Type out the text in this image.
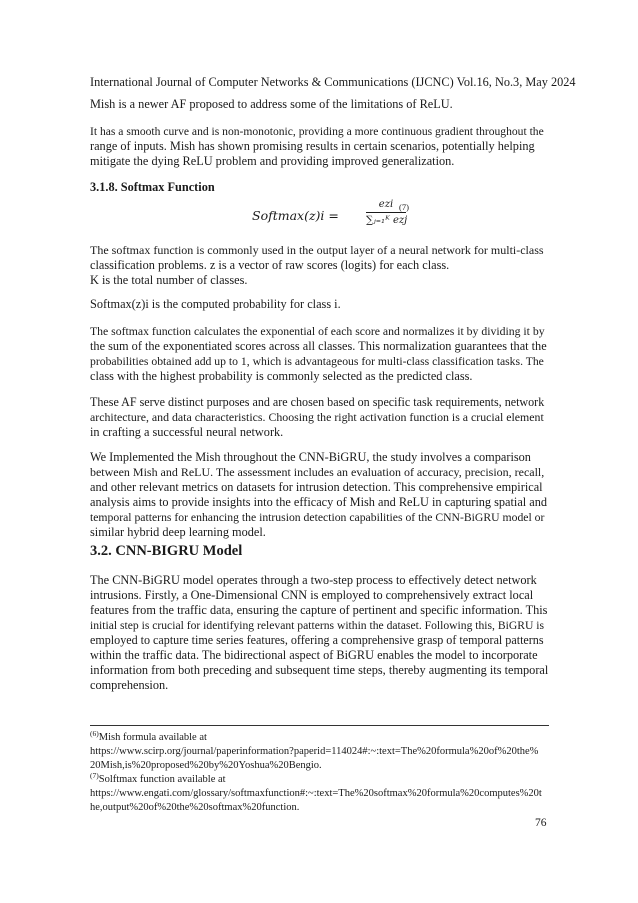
International Journal of Computer Networks & Communications (IJCNC) Vol.16, No.3, May 2024
Mish is a newer AF proposed to address some of the limitations of ReLU.
It has a smooth curve and is non-monotonic, providing a more continuous gradient throughout the
range of inputs. Mish has shown promising results in certain scenarios, potentially helping
mitigate the dying ReLU problem and providing improved generalization.
3.1.8. Softmax Function
𝑆𝑜𝑓𝑡𝑚𝑎𝑥(𝑧)𝑖 =
ezi
∑ⱼ₌₁ᴷ ezj
(7)
The softmax function is commonly used in the output layer of a neural network for multi-class
classification problems. z is a vector of raw scores (logits) for each class.
K is the total number of classes.
Softmax(z)i is the computed probability for class i.
The softmax function calculates the exponential of each score and normalizes it by dividing it by
the sum of the exponentiated scores across all classes. This normalization guarantees that the
probabilities obtained add up to 1, which is advantageous for multi-class classification tasks. The
class with the highest probability is commonly selected as the predicted class.
These AF serve distinct purposes and are chosen based on specific task requirements, network
architecture, and data characteristics. Choosing the right activation function is a crucial element
in crafting a successful neural network.
We Implemented the Mish throughout the CNN-BiGRU, the study involves a comparison
between Mish and ReLU. The assessment includes an evaluation of accuracy, precision, recall,
and other relevant metrics on datasets for intrusion detection. This comprehensive empirical
analysis aims to provide insights into the efficacy of Mish and ReLU in capturing spatial and
temporal patterns for enhancing the intrusion detection capabilities of the CNN-BiGRU model or
similar hybrid deep learning model.
3.2. CNN-BIGRU Model
The CNN-BiGRU model operates through a two-step process to effectively detect network
intrusions. Firstly, a One-Dimensional CNN is employed to comprehensively extract local
features from the traffic data, ensuring the capture of pertinent and specific information. This
initial step is crucial for identifying relevant patterns within the dataset. Following this, BiGRU is
employed to capture time series features, offering a comprehensive grasp of temporal patterns
within the traffic data. The bidirectional aspect of BiGRU enables the model to incorporate
information from both preceding and subsequent time steps, thereby augmenting its temporal
comprehension.
$^{(6)}$Mish formula available at
https://www.scirp.org/journal/paperinformation?paperid=114024#:~:text=The%20formula%20of%20the%
20Mish,is%20proposed%20by%20Yoshua%20Bengio.
$^{(7)}$Solftmax function available at
https://www.engati.com/glossary/softmaxfunction#:~:text=The%20softmax%20formula%20computes%20t
he,output%20of%20the%20softmax%20function.
76
